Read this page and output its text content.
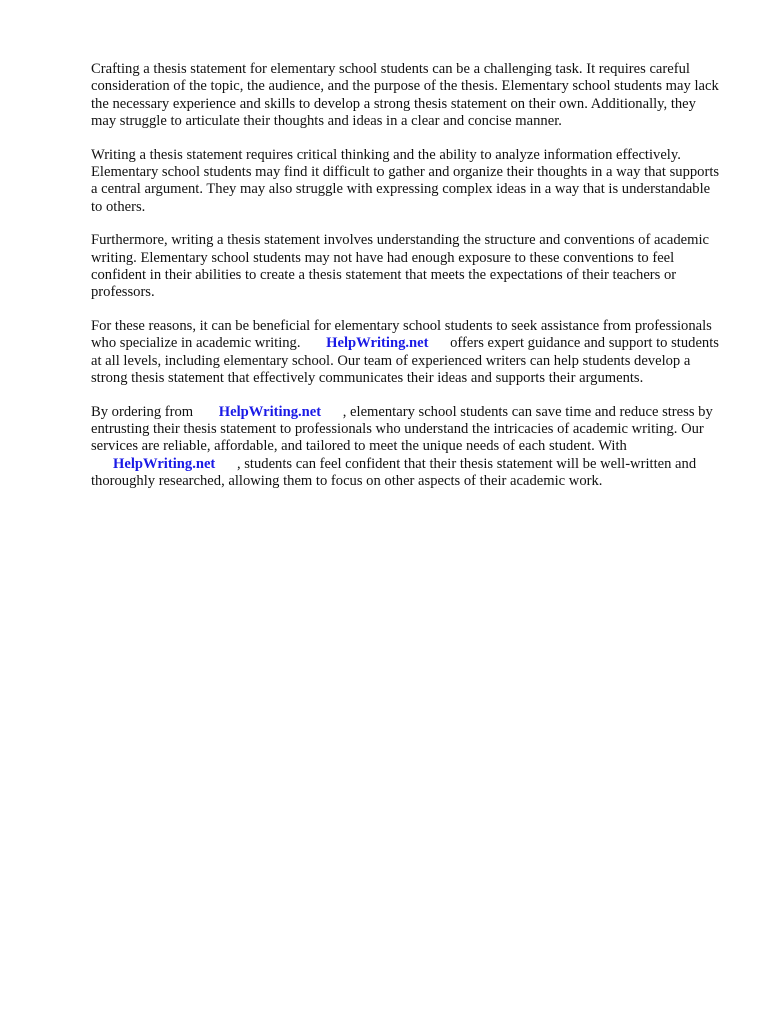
Crafting a thesis statement for elementary school students can be a challenging task. It requires careful consideration of the topic, the audience, and the purpose of the thesis. Elementary school students may lack the necessary experience and skills to develop a strong thesis statement on their own. Additionally, they may struggle to articulate their thoughts and ideas in a clear and concise manner.

Writing a thesis statement requires critical thinking and the ability to analyze information effectively. Elementary school students may find it difficult to gather and organize their thoughts in a way that supports a central argument. They may also struggle with expressing complex ideas in a way that is understandable to others.

Furthermore, writing a thesis statement involves understanding the structure and conventions of academic writing. Elementary school students may not have had enough exposure to these conventions to feel confident in their abilities to create a thesis statement that meets the expectations of their teachers or professors.

For these reasons, it can be beneficial for elementary school students to seek assistance from professionals who specialize in academic writing. HelpWriting.net offers expert guidance and support to students at all levels, including elementary school. Our team of experienced writers can help students develop a strong thesis statement that effectively communicates their ideas and supports their arguments.

By ordering from HelpWriting.net , elementary school students can save time and reduce stress by entrusting their thesis statement to professionals who understand the intricacies of academic writing. Our services are reliable, affordable, and tailored to meet the unique needs of each student. With HelpWriting.net , students can feel confident that their thesis statement will be well-written and thoroughly researched, allowing them to focus on other aspects of their academic work.
